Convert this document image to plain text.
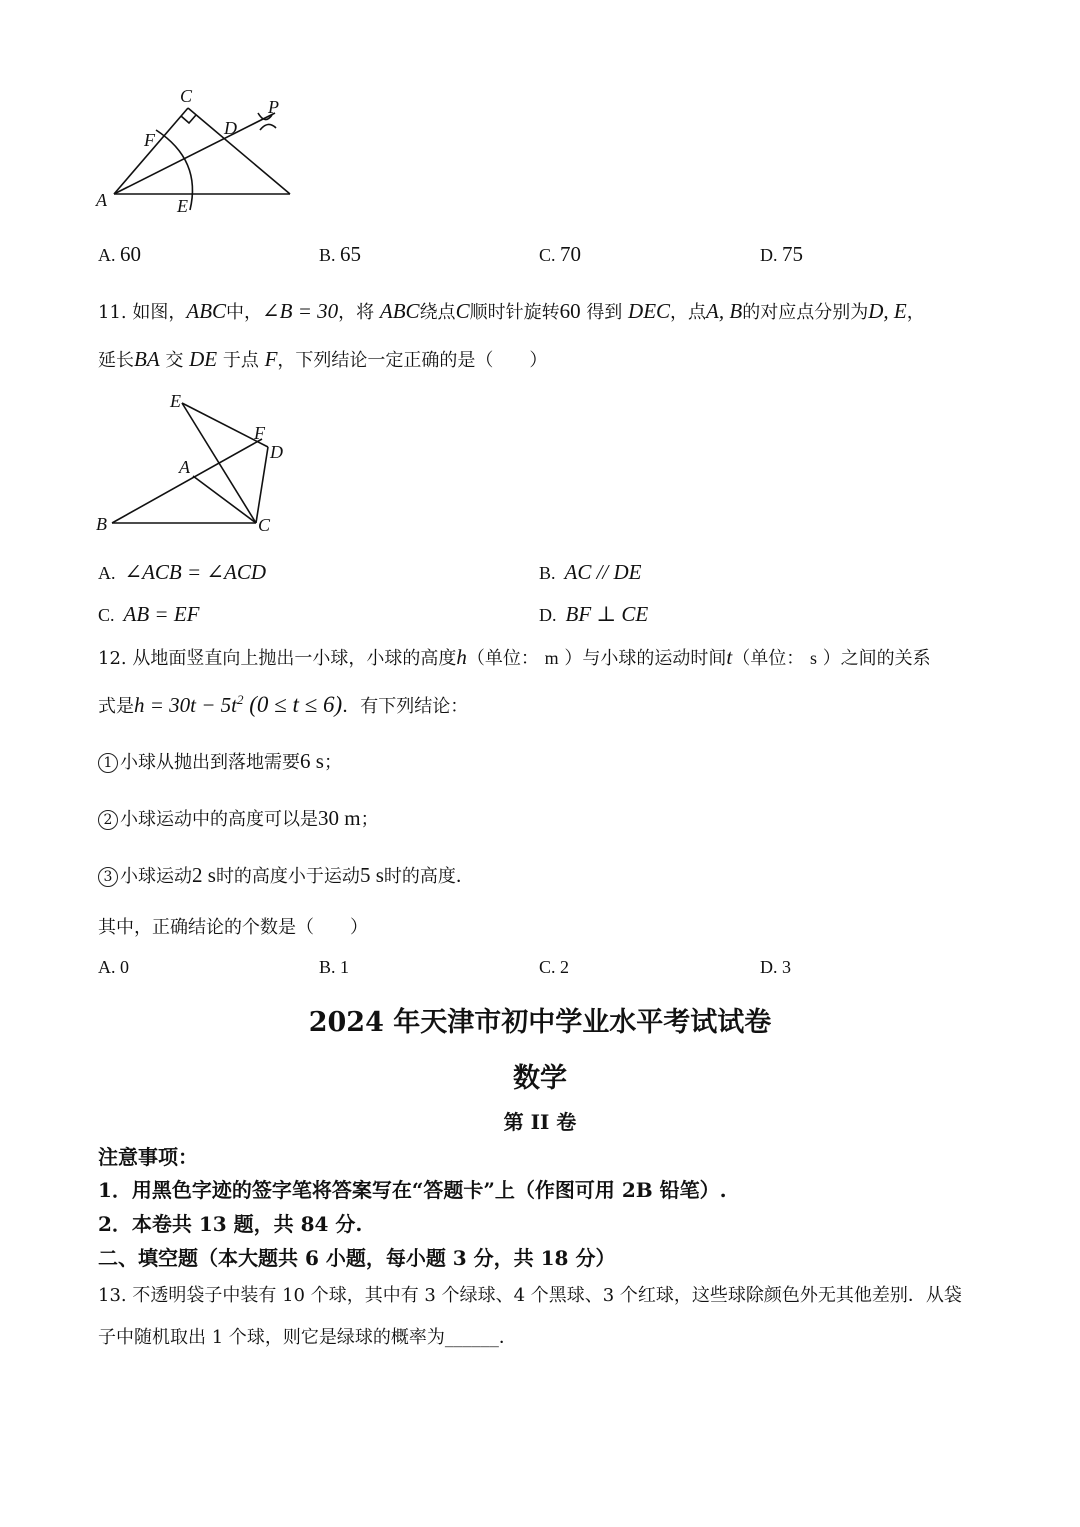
C
P
F
D
A	E
A. 60	B. 65	C. 70	D. 75
11. 如图，ABC中，∠B = 30，将 ABC绕点C顺时针旋转60 得到 DEC，点A, B的对应点分别为D, E，
延长BA 交 DE 于点 F，下列结论一定正确的是（　　）
E
F
D
A
B	C
A. ∠ACB = ∠ACD	B. AC // DE
C. AB = EF	D. BF ⊥ CE
12. 从地面竖直向上抛出一小球，小球的高度h（单位： m ）与小球的运动时间t（单位： s ）之间的关系
式是$h = 30t - 5t^2$ (0 ≤ t ≤ 6)．有下列结论：
1 小球从抛出到落地需要6 s；
2 小球运动中的高度可以是30 m；
3 小球运动2 s时的高度小于运动5 s时的高度．
其中，正确结论的个数是（　　）
A. 0	B. 1	C. 2	D. 3
2024 年天津市初中学业水平考试试卷
数学
第 II 卷
注意事项：
1．用黑色字迹的签字笔将答案写在“答题卡”上（作图可用 2B 铅笔）.
2．本卷共 13 题，共 84 分.
二、填空题（本大题共 6 小题，每小题 3 分，共 18 分）
13. 不透明袋子中装有 10 个球，其中有 3 个绿球、4 个黑球、3 个红球，这些球除颜色外无其他差别．从袋
子中随机取出 1 个球，则它是绿球的概率为______．
